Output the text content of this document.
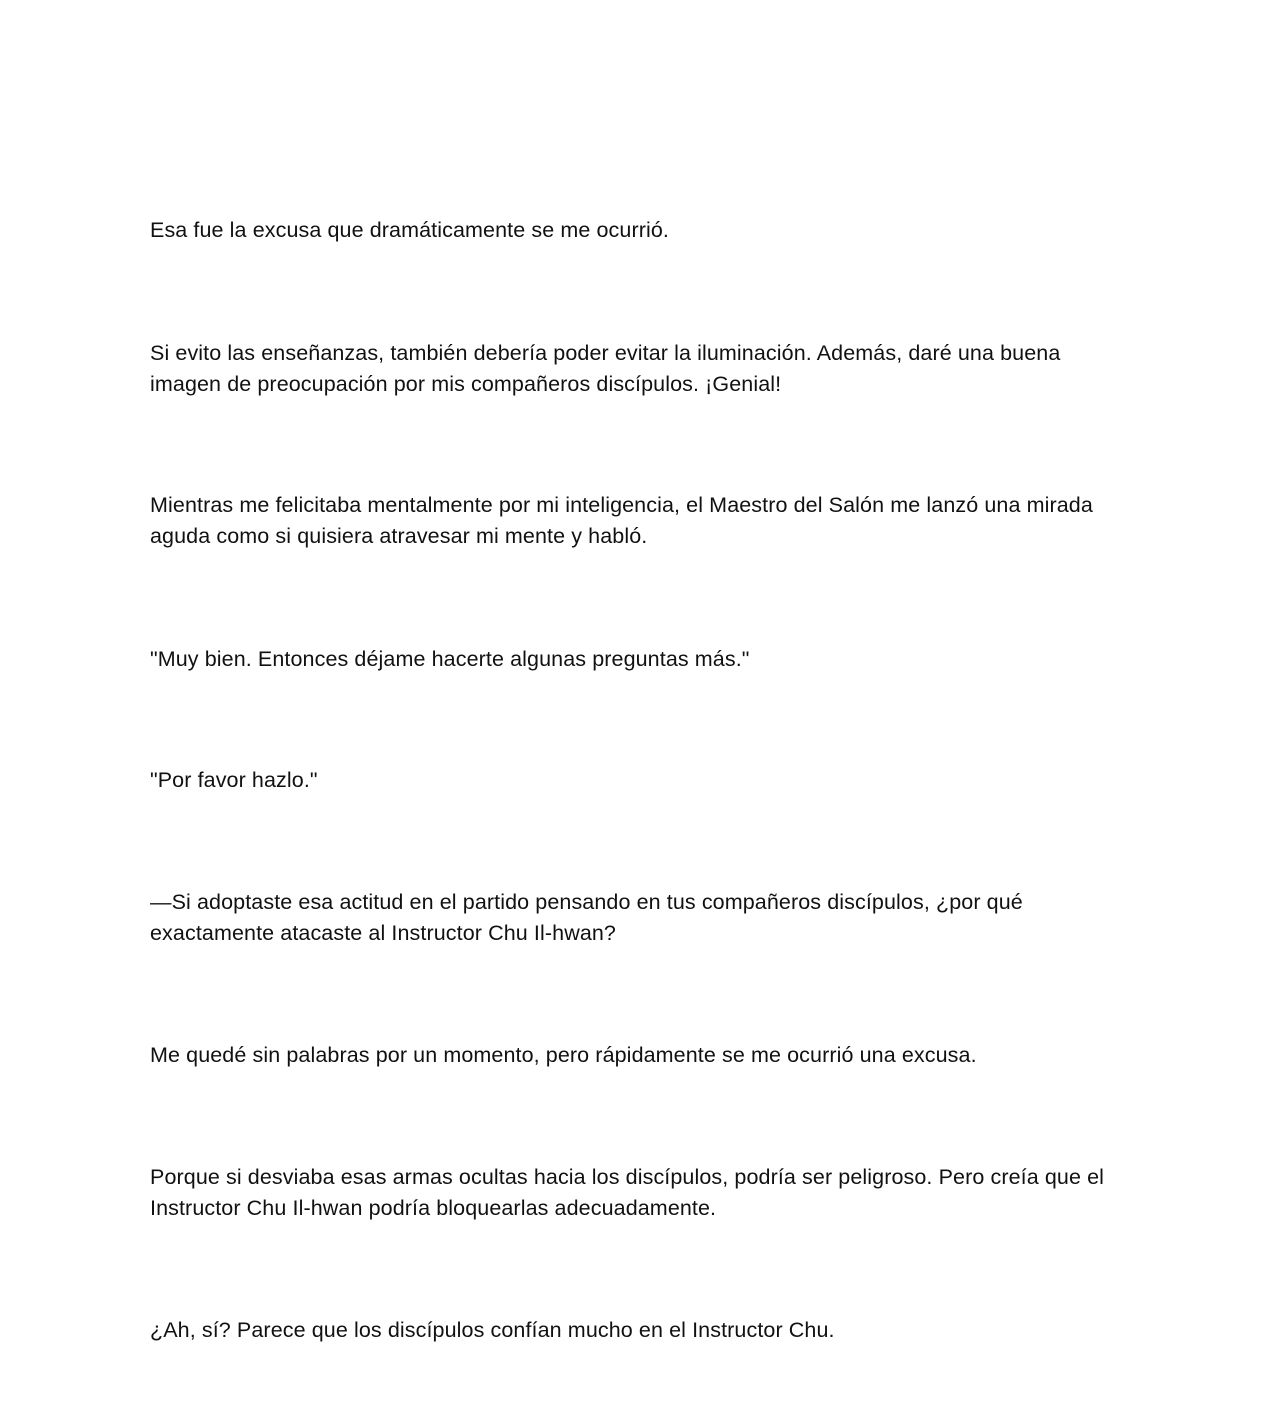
Esa fue la excusa que dramáticamente se me ocurrió.

Si evito las enseñanzas, también debería poder evitar la iluminación. Además, daré una buena imagen de preocupación por mis compañeros discípulos. ¡Genial!

Mientras me felicitaba mentalmente por mi inteligencia, el Maestro del Salón me lanzó una mirada aguda como si quisiera atravesar mi mente y habló.

"Muy bien. Entonces déjame hacerte algunas preguntas más."

"Por favor hazlo."

—Si adoptaste esa actitud en el partido pensando en tus compañeros discípulos, ¿por qué exactamente atacaste al Instructor Chu Il-hwan?

Me quedé sin palabras por un momento, pero rápidamente se me ocurrió una excusa.

Porque si desviaba esas armas ocultas hacia los discípulos, podría ser peligroso. Pero creía que el Instructor Chu Il-hwan podría bloquearlas adecuadamente.

¿Ah, sí? Parece que los discípulos confían mucho en el Instructor Chu.
